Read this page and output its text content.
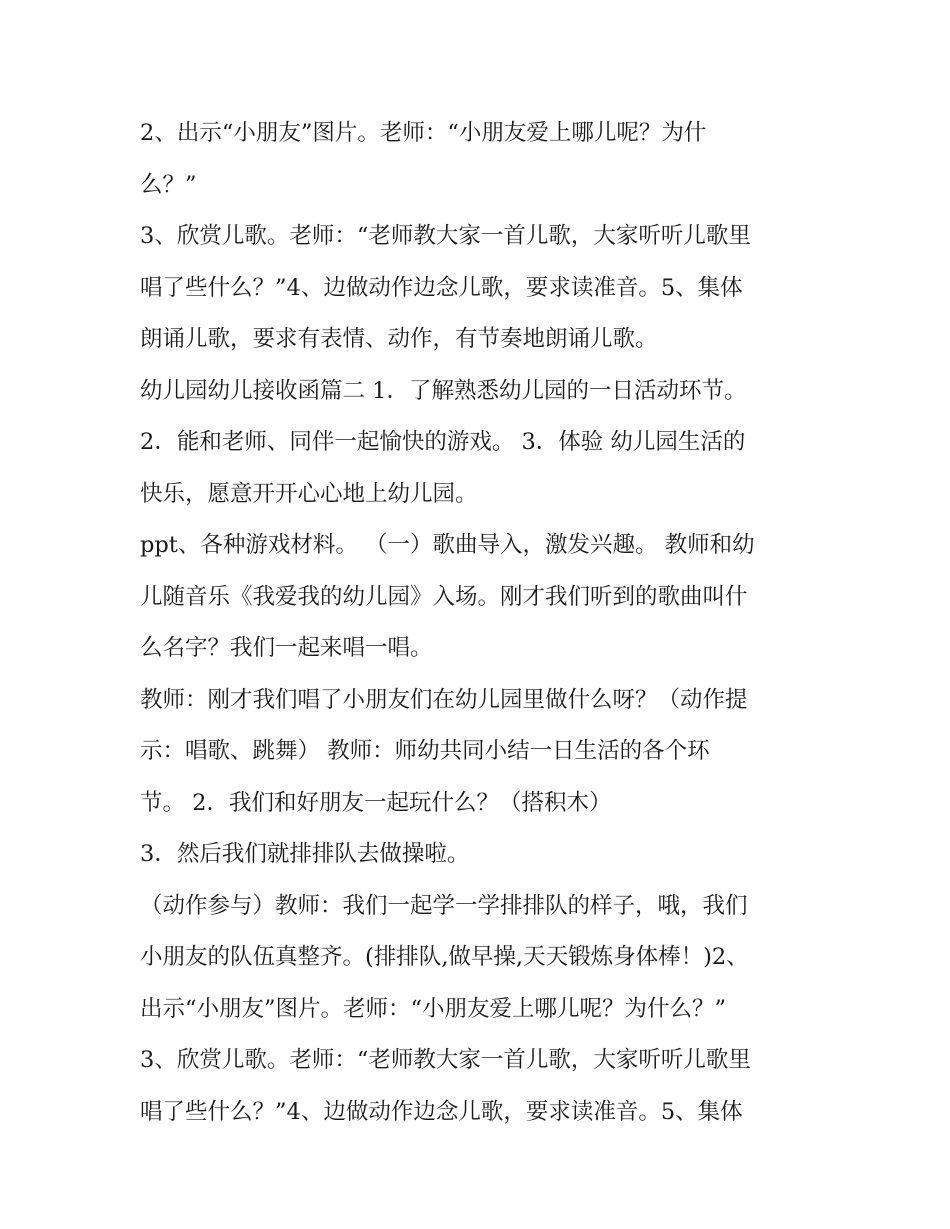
2、出示“小朋友”图片。老师：“小朋友爱上哪儿呢？为什
么？”
3、欣赏儿歌。老师：“老师教大家一首儿歌，大家听听儿歌里
唱了些什么？”4、边做动作边念儿歌，要求读准音。5、集体
朗诵儿歌，要求有表情、动作，有节奏地朗诵儿歌。
幼儿园幼儿接收函篇二 1．了解熟悉幼儿园的一日活动环节。
2．能和老师、同伴一起愉快的游戏。 3．体验 幼儿园生活的
快乐，愿意开开心心地上幼儿园。
ppt、各种游戏材料。 （一）歌曲导入，激发兴趣。 教师和幼
儿随音乐《我爱我的幼儿园》入场。刚才我们听到的歌曲叫什
么名字？我们一起来唱一唱。
教师：刚才我们唱了小朋友们在幼儿园里做什么呀？（动作提
示：唱歌、跳舞） 教师：师幼共同小结一日生活的各个环
节。 2．我们和好朋友一起玩什么？（搭积木）
3．然后我们就排排队去做操啦。
（动作参与）教师：我们一起学一学排排队的样子，哦，我们
小朋友的队伍真整齐。(排排队,做早操,天天锻炼身体棒！)2、
出示“小朋友”图片。老师：“小朋友爱上哪儿呢？为什么？”
3、欣赏儿歌。老师：“老师教大家一首儿歌，大家听听儿歌里
唱了些什么？”4、边做动作边念儿歌，要求读准音。5、集体
